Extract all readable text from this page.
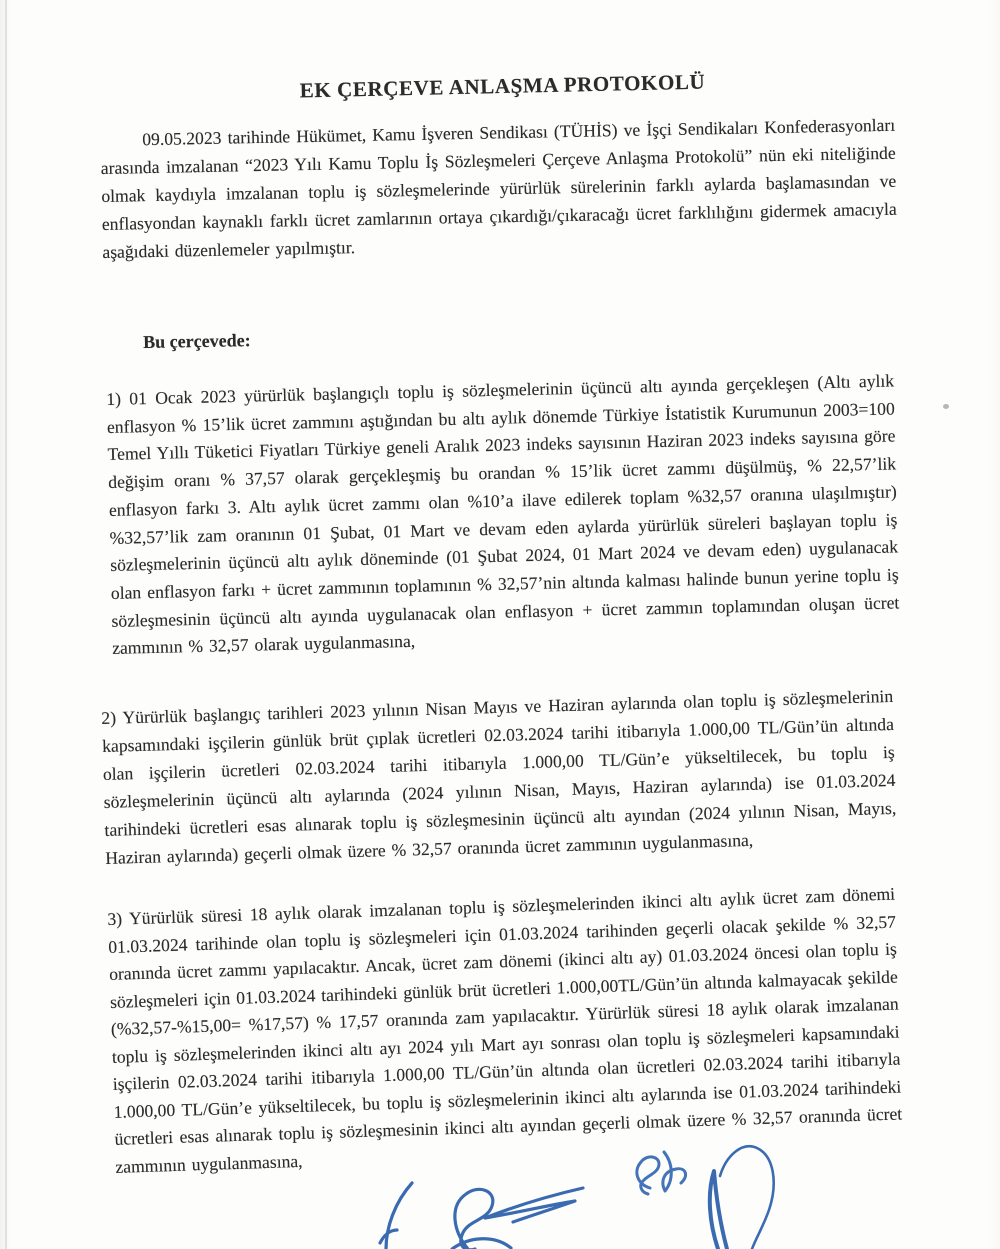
EK ÇERÇEVE ANLAŞMA PROTOKOLÜ

09.05.2023 tarihinde Hükümet, Kamu İşveren Sendikası (TÜHİS) ve İşçi Sendikaları Konfederasyonları arasında imzalanan “2023 Yılı Kamu Toplu İş Sözleşmeleri Çerçeve Anlaşma Protokolü” nün eki niteliğinde olmak kaydıyla imzalanan toplu iş sözleşmelerinde yürürlük sürelerinin farklı aylarda başlamasından ve enflasyondan kaynaklı farklı ücret zamlarının ortaya çıkardığı/çıkaracağı ücret farklılığını gidermek amacıyla aşağıdaki düzenlemeler yapılmıştır.

Bu çerçevede:

1) 01 Ocak 2023 yürürlük başlangıçlı toplu iş sözleşmelerinin üçüncü altı ayında gerçekleşen (Altı aylık enflasyon % 15’lik ücret zammını aştığından bu altı aylık dönemde Türkiye İstatistik Kurumunun 2003=100 Temel Yıllı Tüketici Fiyatları Türkiye geneli Aralık 2023 indeks sayısının Haziran 2023 indeks sayısına göre değişim oranı % 37,57 olarak gerçekleşmiş bu orandan % 15’lik ücret zammı düşülmüş, % 22,57’lik enflasyon farkı 3. Altı aylık ücret zammı olan %10’a ilave edilerek toplam %32,57 oranına ulaşılmıştır) %32,57’lik zam oranının 01 Şubat, 01 Mart ve devam eden aylarda yürürlük süreleri başlayan toplu iş sözleşmelerinin üçüncü altı aylık döneminde (01 Şubat 2024, 01 Mart 2024 ve devam eden) uygulanacak olan enflasyon farkı + ücret zammının toplamının % 32,57’nin altında kalması halinde bunun yerine toplu iş sözleşmesinin üçüncü altı ayında uygulanacak olan enflasyon + ücret zammın toplamından oluşan ücret zammının % 32,57 olarak uygulanmasına,

2) Yürürlük başlangıç tarihleri 2023 yılının Nisan Mayıs ve Haziran aylarında olan toplu iş sözleşmelerinin kapsamındaki işçilerin günlük brüt çıplak ücretleri 02.03.2024 tarihi itibarıyla 1.000,00 TL/Gün’ün altında olan işçilerin ücretleri 02.03.2024 tarihi itibarıyla 1.000,00 TL/Gün’e yükseltilecek, bu toplu iş sözleşmelerinin üçüncü altı aylarında (2024 yılının Nisan, Mayıs, Haziran aylarında) ise 01.03.2024 tarihindeki ücretleri esas alınarak toplu iş sözleşmesinin üçüncü altı ayından (2024 yılının Nisan, Mayıs, Haziran aylarında) geçerli olmak üzere % 32,57 oranında ücret zammının uygulanmasına,

3) Yürürlük süresi 18 aylık olarak imzalanan toplu iş sözleşmelerinden ikinci altı aylık ücret zam dönemi 01.03.2024 tarihinde olan toplu iş sözleşmeleri için 01.03.2024 tarihinden geçerli olacak şekilde % 32,57 oranında ücret zammı yapılacaktır. Ancak, ücret zam dönemi (ikinci altı ay) 01.03.2024 öncesi olan toplu iş sözleşmeleri için 01.03.2024 tarihindeki günlük brüt ücretleri 1.000,00TL/Gün’ün altında kalmayacak şekilde (%32,57-%15,00= %17,57) % 17,57 oranında zam yapılacaktır. Yürürlük süresi 18 aylık olarak imzalanan toplu iş sözleşmelerinden ikinci altı ayı 2024 yılı Mart ayı sonrası olan toplu iş sözleşmeleri kapsamındaki işçilerin 02.03.2024 tarihi itibarıyla 1.000,00 TL/Gün’ün altında olan ücretleri 02.03.2024 tarihi itibarıyla 1.000,00 TL/Gün’e yükseltilecek, bu toplu iş sözleşmelerinin ikinci altı aylarında ise 01.03.2024 tarihindeki ücretleri esas alınarak toplu iş sözleşmesinin ikinci altı ayından geçerli olmak üzere % 32,57 oranında ücret zammının uygulanmasına,
